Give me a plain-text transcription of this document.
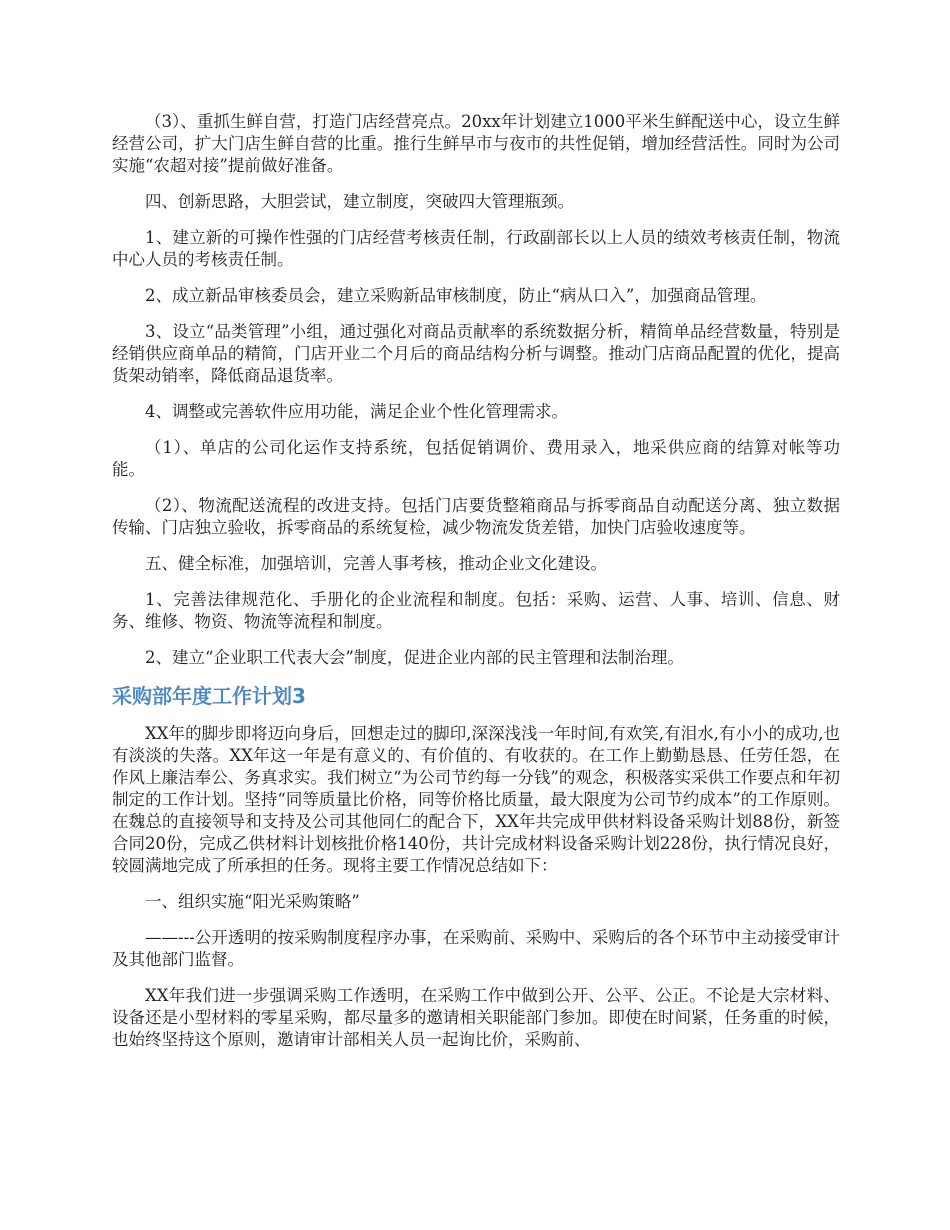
（3）、重抓生鲜自营，打造门店经营亮点。20xx年计划建立1000平米生鲜配送中心，设立生鲜经营公司，扩大门店生鲜自营的比重。推行生鲜早市与夜市的共性促销，增加经营活性。同时为公司实施“农超对接”提前做好准备。

四、创新思路，大胆尝试，建立制度，突破四大管理瓶颈。

1、建立新的可操作性强的门店经营考核责任制，行政副部长以上人员的绩效考核责任制，物流中心人员的考核责任制。

2、成立新品审核委员会，建立采购新品审核制度，防止“病从口入”，加强商品管理。

3、设立“品类管理”小组，通过强化对商品贡献率的系统数据分析，精简单品经营数量，特别是经销供应商单品的精简，门店开业二个月后的商品结构分析与调整。推动门店商品配置的优化，提高货架动销率，降低商品退货率。

4、调整或完善软件应用功能，满足企业个性化管理需求。

（1）、单店的公司化运作支持系统，包括促销调价、费用录入，地采供应商的结算对帐等功能。

（2）、物流配送流程的改进支持。包括门店要货整箱商品与拆零商品自动配送分离、独立数据传输、门店独立验收，拆零商品的系统复检，减少物流发货差错，加快门店验收速度等。

五、健全标准，加强培训，完善人事考核，推动企业文化建设。

1、完善法律规范化、手册化的企业流程和制度。包括：采购、运营、人事、培训、信息、财务、维修、物资、物流等流程和制度。

2、建立“企业职工代表大会”制度，促进企业内部的民主管理和法制治理。

采购部年度工作计划3

XX年的脚步即将迈向身后，回想走过的脚印,深深浅浅一年时间,有欢笑,有泪水,有小小的成功,也有淡淡的失落。XX年这一年是有意义的、有价值的、有收获的。在工作上勤勤恳恳、任劳任怨，在作风上廉洁奉公、务真求实。我们树立“为公司节约每一分钱”的观念，积极落实采供工作要点和年初制定的工作计划。坚持“同等质量比价格，同等价格比质量，最大限度为公司节约成本”的工作原则。在魏总的直接领导和支持及公司其他同仁的配合下，XX年共完成甲供材料设备采购计划88份，新签合同20份，完成乙供材料计划核批价格140份，共计完成材料设备采购计划228份，执行情况良好，较圆满地完成了所承担的任务。现将主要工作情况总结如下：

一、组织实施“阳光采购策略”

——---公开透明的按采购制度程序办事，在采购前、采购中、采购后的各个环节中主动接受审计及其他部门监督。

XX年我们进一步强调采购工作透明，在采购工作中做到公开、公平、公正。不论是大宗材料、设备还是小型材料的零星采购，都尽量多的邀请相关职能部门参加。即使在时间紧，任务重的时候，也始终坚持这个原则，邀请审计部相关人员一起询比价，采购前、
